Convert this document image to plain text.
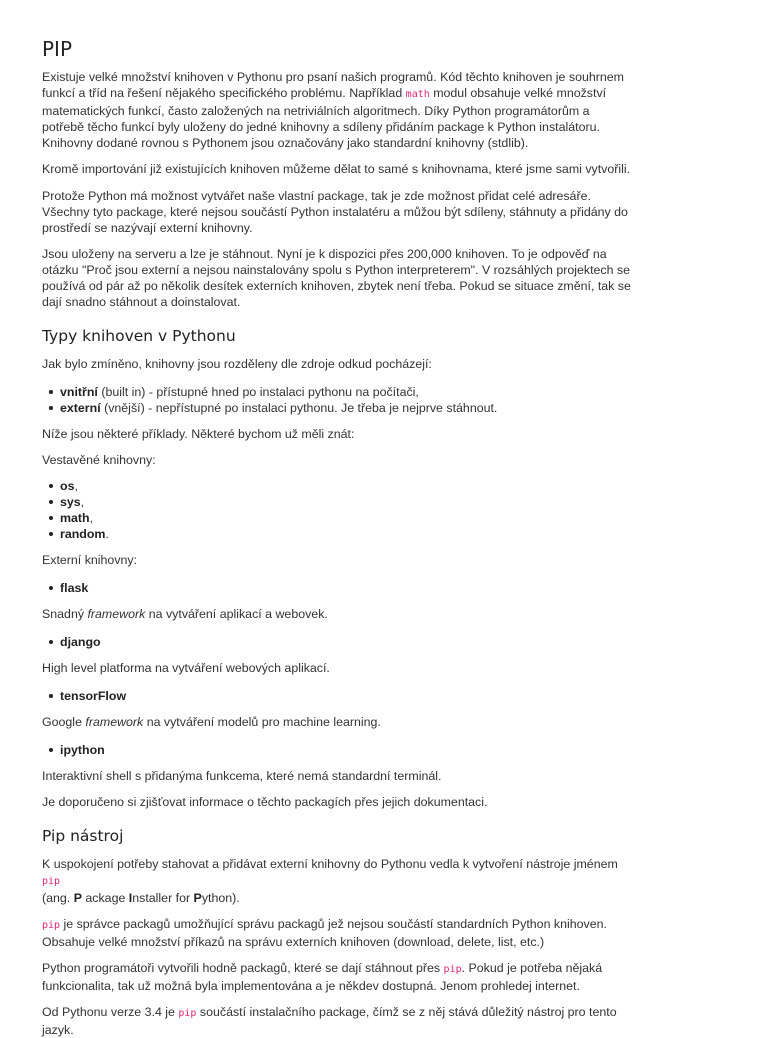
PIP

Existuje velké množství knihoven v Pythonu pro psaní našich programů. Kód těchto knihoven je souhrnem funkcí a tříd na řešení nějakého specifického problému. Například math modul obsahuje velké množství matematických funkcí, často založených na netriviálních algoritmech. Díky Python programátorům a potřebě těcho funkcí byly uloženy do jedné knihovny a sdíleny přidáním package k Python instalátoru. Knihovny dodané rovnou s Pythonem jsou označovány jako standardní knihovny (stdlib).

Kromě importování již existujících knihoven můžeme dělat to samé s knihovnama, které jsme sami vytvořili.

Protože Python má možnost vytvářet naše vlastní package, tak je zde možnost přidat celé adresáře. Všechny tyto package, které nejsou součástí Python instalatéru a můžou být sdíleny, stáhnuty a přidány do prostředí se nazývají externí knihovny.

Jsou uloženy na serveru a lze je stáhnout. Nyní je k dispozici přes 200,000 knihoven. To je odpověď na otázku "Proč jsou externí a nejsou nainstalovány spolu s Python interpreterem". V rozsáhlých projektech se používá od pár až po několik desítek externích knihoven, zbytek není třeba. Pokud se situace změní, tak se dají snadno stáhnout a doinstalovat.

Typy knihoven v Pythonu

Jak bylo zmíněno, knihovny jsou rozděleny dle zdroje odkud pocházejí:

vnitřní (built in) - přístupné hned po instalaci pythonu na počítači,
externí (vnější) - nepřístupné po instalaci pythonu. Je třeba je nejprve stáhnout.

Níže jsou některé příklady. Některé bychom už měli znát:

Vestavěné knihovny:

os,
sys,
math,
random.

Externí knihovny:

flask

Snadný framework na vytváření aplikací a webovek.

django

High level platforma na vytváření webových aplikací.

tensorFlow

Google framework na vytváření modelů pro machine learning.

ipython

Interaktivní shell s přidanýma funkcema, které nemá standardní terminál.

Je doporučeno si zjišťovat informace o těchto packagích přes jejich dokumentaci.

Pip nástroj

K uspokojení potřeby stahovat a přidávat externí knihovny do Pythonu vedla k vytvoření nástroje jménem pip
(ang. P ackage Installer for Python).

pip je správce packagů umožňující správu packagů jež nejsou součástí standardních Python knihoven. Obsahuje velké množství příkazů na správu externích knihoven (download, delete, list, etc.)

Python programátoři vytvořili hodně packagů, které se dají stáhnout přes pip. Pokud je potřeba nějaká funkcionalita, tak už možná byla implementována a je někdev dostupná. Jenom prohledej internet.

Od Pythonu verze 3.4 je pip součástí instalačního package, čímž se z něj stává důležitý nástroj pro tento jazyk.
